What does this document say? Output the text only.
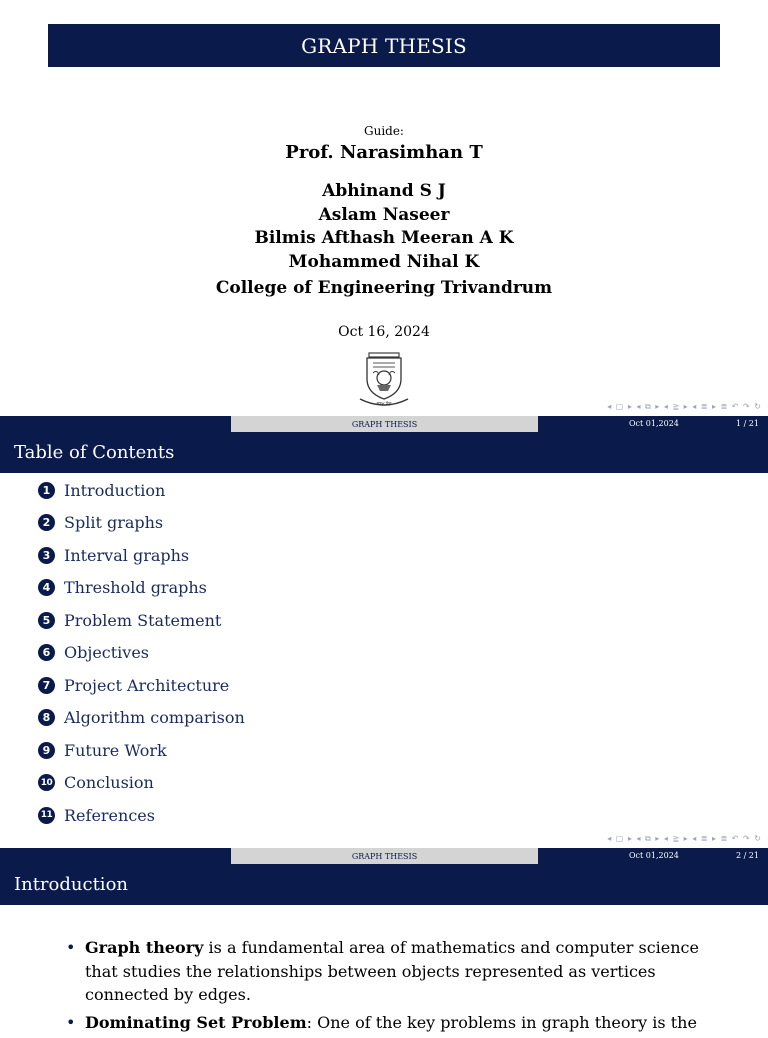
GRAPH THESIS
Guide:
Prof. Narasimhan T
Abhinand S J
Aslam Naseer
Bilmis Afthash Meeran A K
Mohammed Nihal K
College of Engineering Trivandrum
Oct 16, 2024
ਕਰਮ ਯੋਗ	◂ ▢ ▸ ◂ ⧉ ▸ ◂ ≧ ▸ ◂ ≣ ▸ ≣ ↶ ↷ ↻
GRAPH THESIS	Oct 01,2024	1 / 21
Table of Contents
1 Introduction
2 Split graphs
3 Interval graphs
4 Threshold graphs
5 Problem Statement
6 Objectives
7 Project Architecture
8 Algorithm comparison
9 Future Work
10 Conclusion
11 References
◂ ▢ ▸ ◂ ⧉ ▸ ◂ ≧ ▸ ◂ ≣ ▸ ≣ ↶ ↷ ↻
GRAPH THESIS	Oct 01,2024	2 / 21
Introduction
• Graph theory is a fundamental area of mathematics and computer science that studies the relationships between objects represented as vertices connected by edges.
• Dominating Set Problem: One of the key problems in graph theory is the
